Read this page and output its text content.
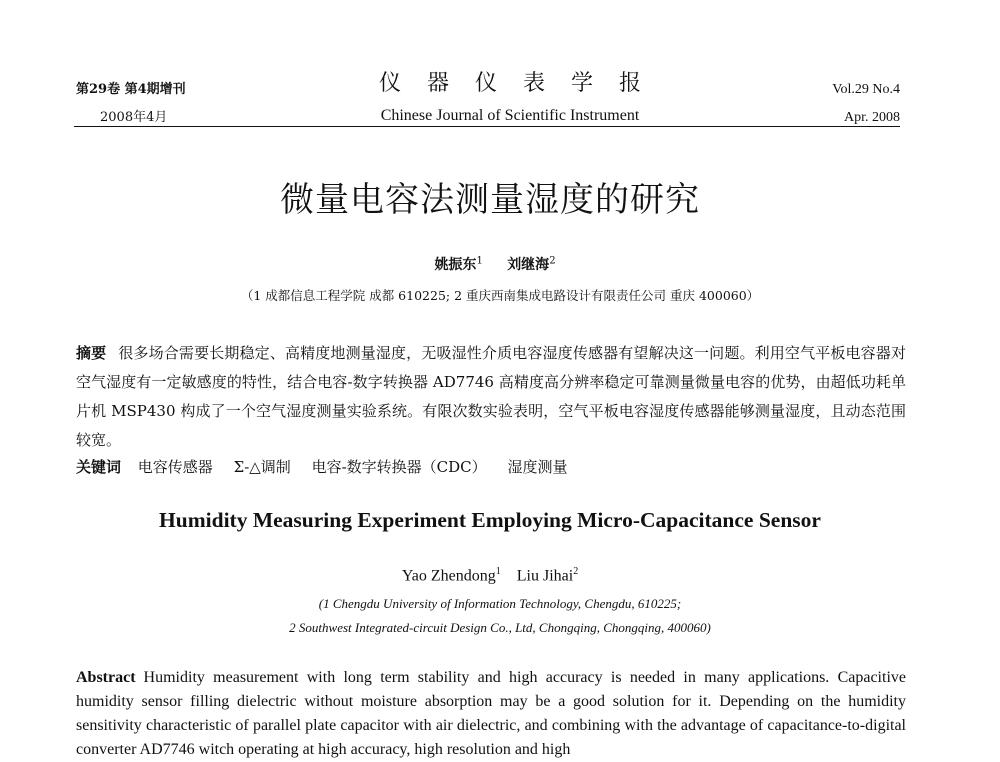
第29卷 第4期增刊
2008年4月
仪器仪表学报
Chinese Journal of Scientific Instrument
Vol.29 No.4
Apr. 2008
微量电容法测量湿度的研究
姚振东$^1$ 刘继海$^2$
（1 成都信息工程学院 成都 610225; 2 重庆西南集成电路设计有限责任公司 重庆 400060）
摘要 很多场合需要长期稳定、高精度地测量湿度，无吸湿性介质电容湿度传感器有望解决这一问题。利用空气平板电容器对空气湿度有一定敏感度的特性，结合电容-数字转换器 AD7746 高精度高分辨率稳定可靠测量微量电容的优势，由超低功耗单片机 MSP430 构成了一个空气湿度测量实验系统。有限次数实验表明，空气平板电容湿度传感器能够测量湿度，且动态范围较宽。
关键词 电容传感器 Σ-△调制 电容-数字转换器（CDC） 湿度测量
Humidity Measuring Experiment Employing Micro-Capacitance Sensor
Yao Zhendong$^1$ Liu Jihai$^2$
(1 Chengdu University of Information Technology, Chengdu, 610225;
2 Southwest Integrated-circuit Design Co., Ltd, Chongqing, Chongqing, 400060)
Abstract Humidity measurement with long term stability and high accuracy is needed in many applications. Capacitive humidity sensor filling dielectric without moisture absorption may be a good solution for it. Depending on the humidity sensitivity characteristic of parallel plate capacitor with air dielectric, and combining with the advantage of capacitance-to-digital converter AD7746 witch operating at high accuracy, high resolution and high
